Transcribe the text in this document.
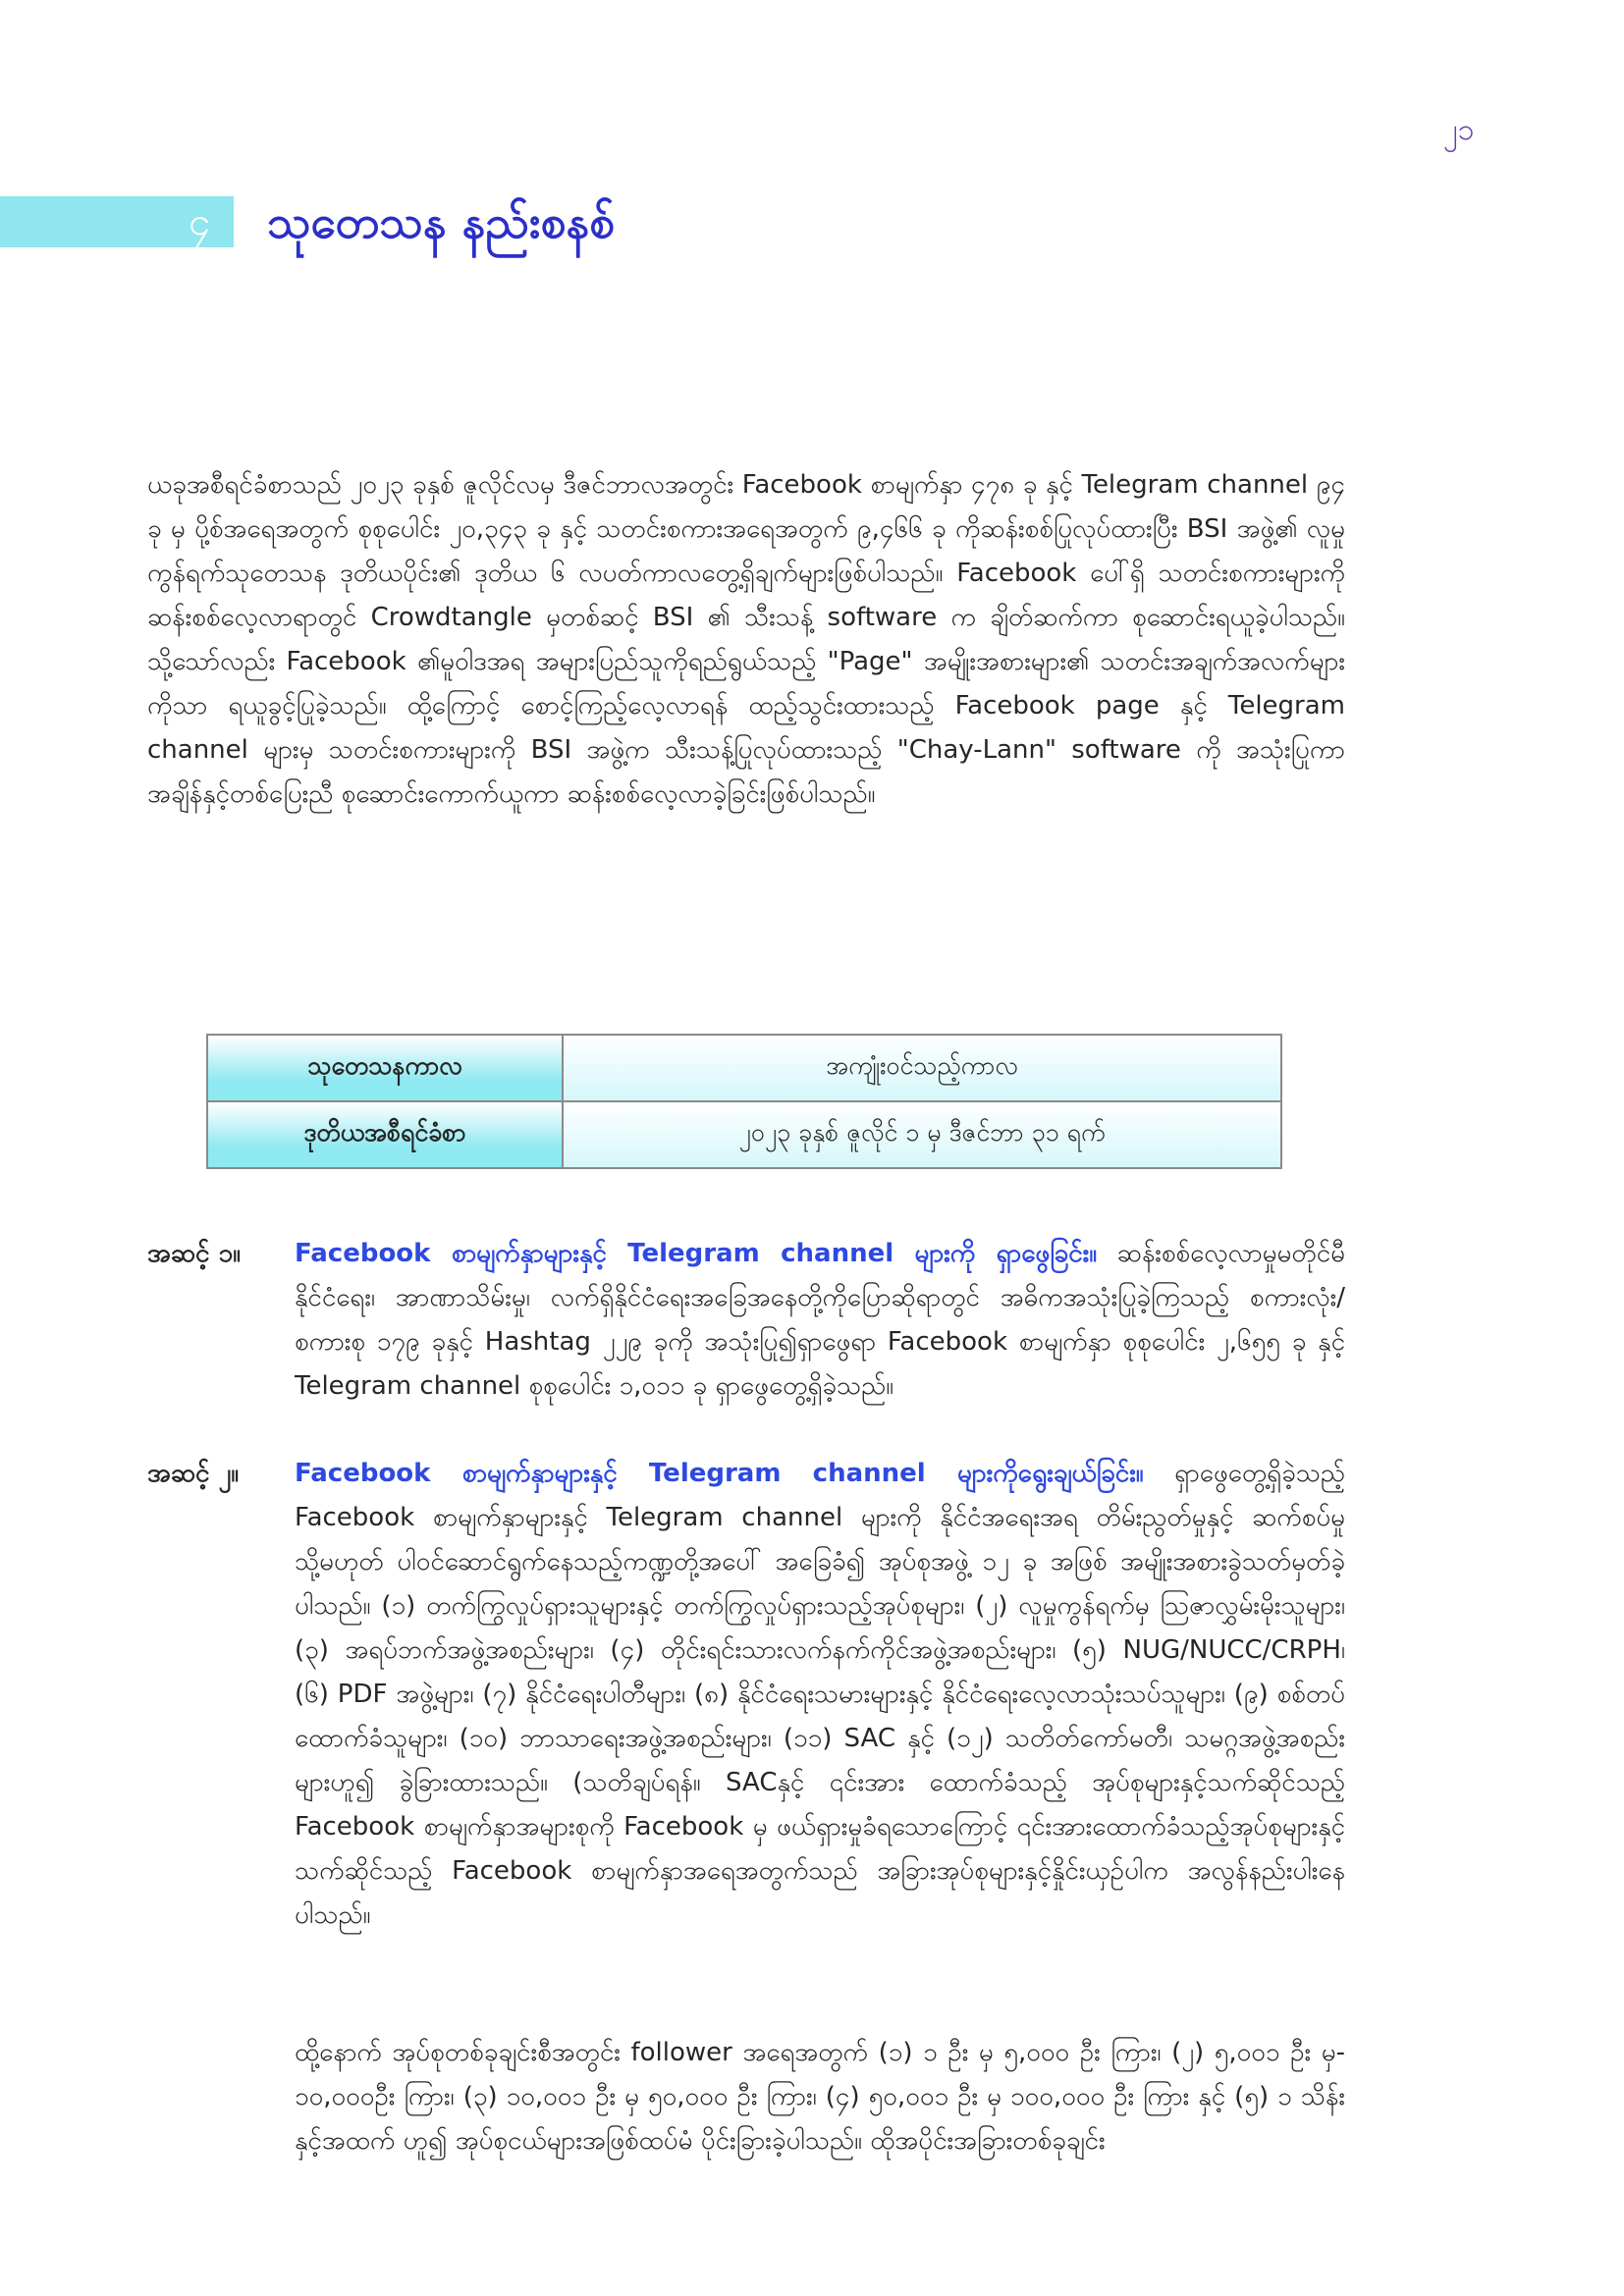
၂၁
၄ သုတေသန နည်းစနစ်

ယခုအစီရင်ခံစာသည် ၂၀၂၃ ခုနှစ် ဇူလိုင်လမှ ဒီဇင်ဘာလအတွင်း Facebook စာမျက်နှာ ၄၇၈ ခု နှင့် Telegram channel ၉၄ ခု မှ ပို့စ်အရေအတွက် စုစုပေါင်း ၂၀,၃၄၃ ခု နှင့် သတင်းစကားအရေအတွက် ၉,၄၆၆ ခု ကိုဆန်းစစ်ပြုလုပ်ထားပြီး BSI အဖွဲ့၏ လူမှုကွန်ရက်သုတေသန ဒုတိယပိုင်း၏ ဒုတိယ ၆ လပတ်ကာလတွေ့ရှိချက်များဖြစ်ပါသည်။ Facebook ပေါ်ရှိ သတင်းစကားများကို ဆန်းစစ်လေ့လာရာတွင် Crowdtangle မှတစ်ဆင့် BSI ၏ သီးသန့် software က ချိတ်ဆက်ကာ စုဆောင်းရယူခဲ့ပါသည်။ သို့သော်လည်း Facebook ၏မူဝါဒအရ အများပြည်သူကိုရည်ရွယ်သည့် "Page" အမျိုးအစားများ၏ သတင်းအချက်အလက်များကိုသာ ရယူခွင့်ပြုခဲ့သည်။ ထို့ကြောင့် စောင့်ကြည့်လေ့လာရန် ထည့်သွင်းထားသည့် Facebook page နှင့် Telegram channel များမှ သတင်းစကားများကို BSI အဖွဲ့က သီးသန့်ပြုလုပ်ထားသည့် "Chay-Lann" software ကို အသုံးပြုကာ အချိန်နှင့်တစ်ပြေးညီ စုဆောင်းကောက်ယူကာ ဆန်းစစ်လေ့လာခဲ့ခြင်းဖြစ်ပါသည်။

သုတေသနကာလ	အကျုံးဝင်သည့်ကာလ
ဒုတိယအစီရင်ခံစာ	၂၀၂၃ ခုနှစ် ဇူလိုင် ၁ မှ ဒီဇင်ဘာ ၃၁ ရက်
အဆင့် ၁။	Facebook စာမျက်နှာများနှင့် Telegram channel များကို ရှာဖွေခြင်း။ ဆန်းစစ်လေ့လာမှုမတိုင်မီ နိုင်ငံရေး၊ အာဏာသိမ်းမှု၊ လက်ရှိနိုင်ငံရေးအခြေအနေတို့ကိုပြောဆိုရာတွင် အဓိကအသုံးပြုခဲ့ကြသည့် စကားလုံး/စကားစု ၁၇၉ ခုနှင့် Hashtag ၂၂၉ ခုကို အသုံးပြု၍ရှာဖွေရာ Facebook စာမျက်နှာ စုစုပေါင်း ၂,၆၅၅ ခု နှင့် Telegram channel စုစုပေါင်း ၁,၀၁၁ ခု ရှာဖွေတွေ့ရှိခဲ့သည်။
အဆင့် ၂။	Facebook စာမျက်နှာများနှင့် Telegram channel များကိုရွေးချယ်ခြင်း။ ရှာဖွေတွေ့ရှိခဲ့သည့် Facebook စာမျက်နှာများနှင့် Telegram channel များကို နိုင်ငံအရေးအရ တိမ်းညွတ်မှုနှင့် ဆက်စပ်မှု သို့မဟုတ် ပါဝင်ဆောင်ရွက်နေသည့်ကဏ္ဍတို့အပေါ် အခြေခံ၍ အုပ်စုအဖွဲ့ ၁၂ ခု အဖြစ် အမျိုးအစားခွဲသတ်မှတ်ခဲ့ပါသည်။ (၁) တက်ကြွလှုပ်ရှားသူများနှင့် တက်ကြွလှုပ်ရှားသည့်အုပ်စုများ၊ (၂) လူမှုကွန်ရက်မှ ဩဇာလွှမ်းမိုးသူများ၊ (၃) အရပ်ဘက်အဖွဲ့အစည်းများ၊ (၄) တိုင်းရင်းသားလက်နက်ကိုင်အဖွဲ့အစည်းများ၊ (၅) NUG/NUCC/CRPH၊ (၆) PDF အဖွဲ့များ၊ (၇) နိုင်ငံရေးပါတီများ၊ (၈) နိုင်ငံရေးသမားများနှင့် နိုင်ငံရေးလေ့လာသုံးသပ်သူများ၊ (၉) စစ်တပ် ထောက်ခံသူများ၊ (၁၀) ဘာသာရေးအဖွဲ့အစည်းများ၊ (၁၁) SAC နှင့် (၁၂) သတိတ်ကော်မတီ၊ သမဂ္ဂအဖွဲ့အစည်းများဟူ၍ ခွဲခြားထားသည်။ (သတိချပ်ရန်။ SACနှင့် ၎င်းအား ထောက်ခံသည့် အုပ်စုများနှင့်သက်ဆိုင်သည့် Facebook စာမျက်နှာအများစုကို Facebook မှ ဖယ်ရှားမှုခံရသောကြောင့် ၎င်းအားထောက်ခံသည့်အုပ်စုများနှင့် သက်ဆိုင်သည့် Facebook စာမျက်နှာအရေအတွက်သည် အခြားအုပ်စုများနှင့်နှိုင်းယှဉ်ပါက အလွန်နည်းပါးနေပါသည်။

ထို့နောက် အုပ်စုတစ်ခုချင်းစီအတွင်း follower အရေအတွက် (၁) ၁ ဦး မှ ၅,၀၀၀ ဦး ကြား၊ (၂) ၅,၀၀၁ ဦး မှ- ၁၀,၀၀၀ဦး ကြား၊ (၃) ၁၀,၀၀၁ ဦး မှ ၅၀,၀၀၀ ဦး ကြား၊ (၄) ၅၀,၀၀၁ ဦး မှ ၁၀၀,၀၀၀ ဦး ကြား နှင့် (၅) ၁ သိန်းနှင့်အထက် ဟူ၍ အုပ်စုငယ်များအဖြစ်ထပ်မံ ပိုင်းခြားခဲ့ပါသည်။ ထိုအပိုင်းအခြားတစ်ခုချင်း
